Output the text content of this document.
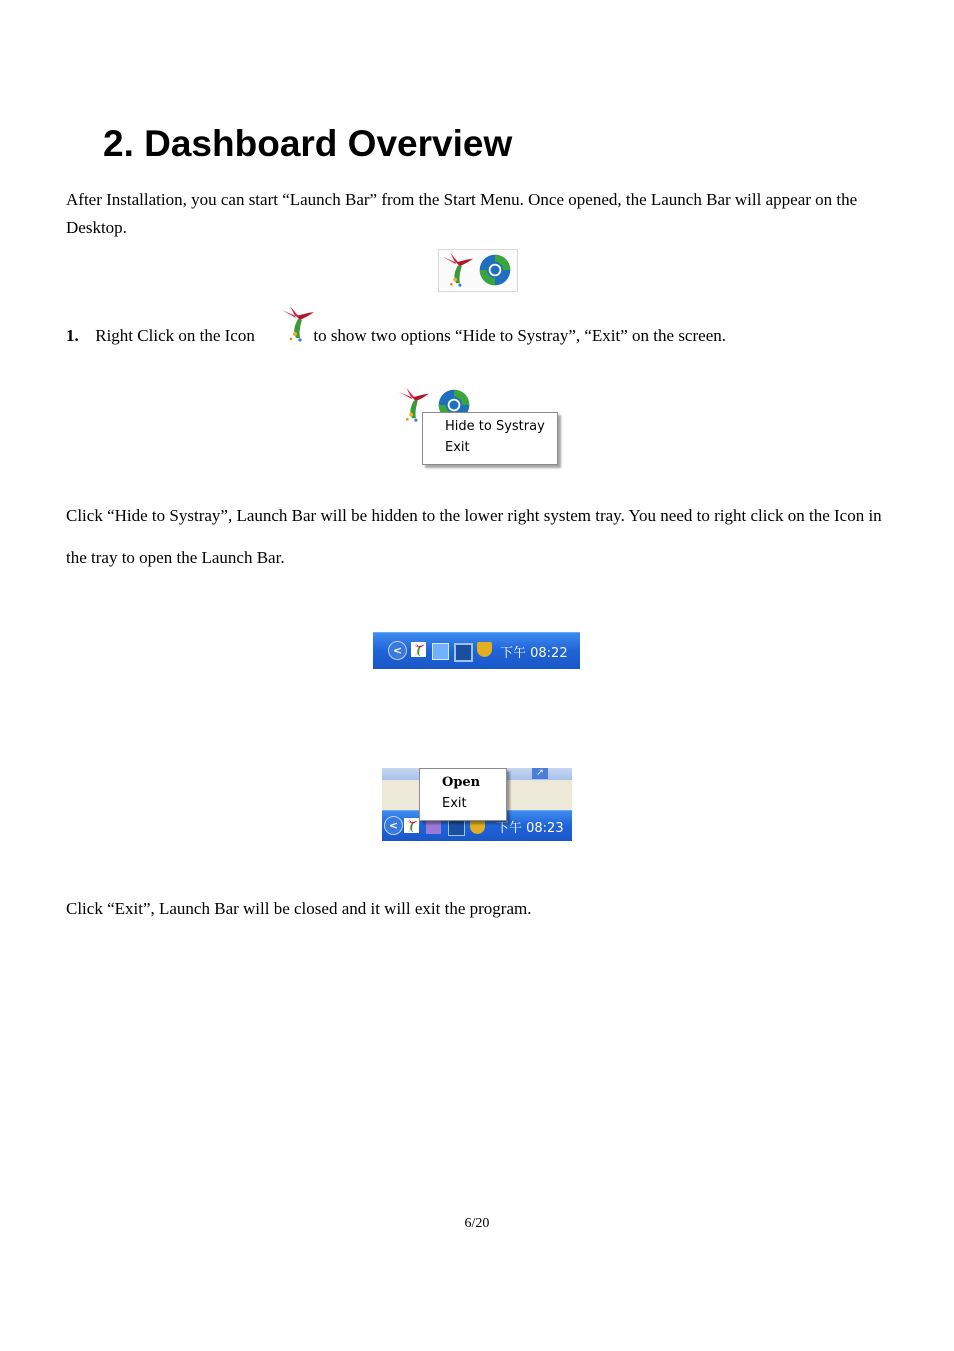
2. Dashboard Overview
After Installation, you can start “Launch Bar” from the Start Menu. Once opened, the Launch Bar will appear on the Desktop.
1. Right Click on the Icon	to show two options “Hide to Systray”, “Exit” on the screen.
Hide to Systray
Exit
Click “Hide to Systray”, Launch Bar will be hidden to the lower right system tray. You need to right click on the Icon in the tray to open the Launch Bar.
<	下午 08:22
↗
<	下午 08:23
Open
Exit
Click “Exit”, Launch Bar will be closed and it will exit the program.
6/20
